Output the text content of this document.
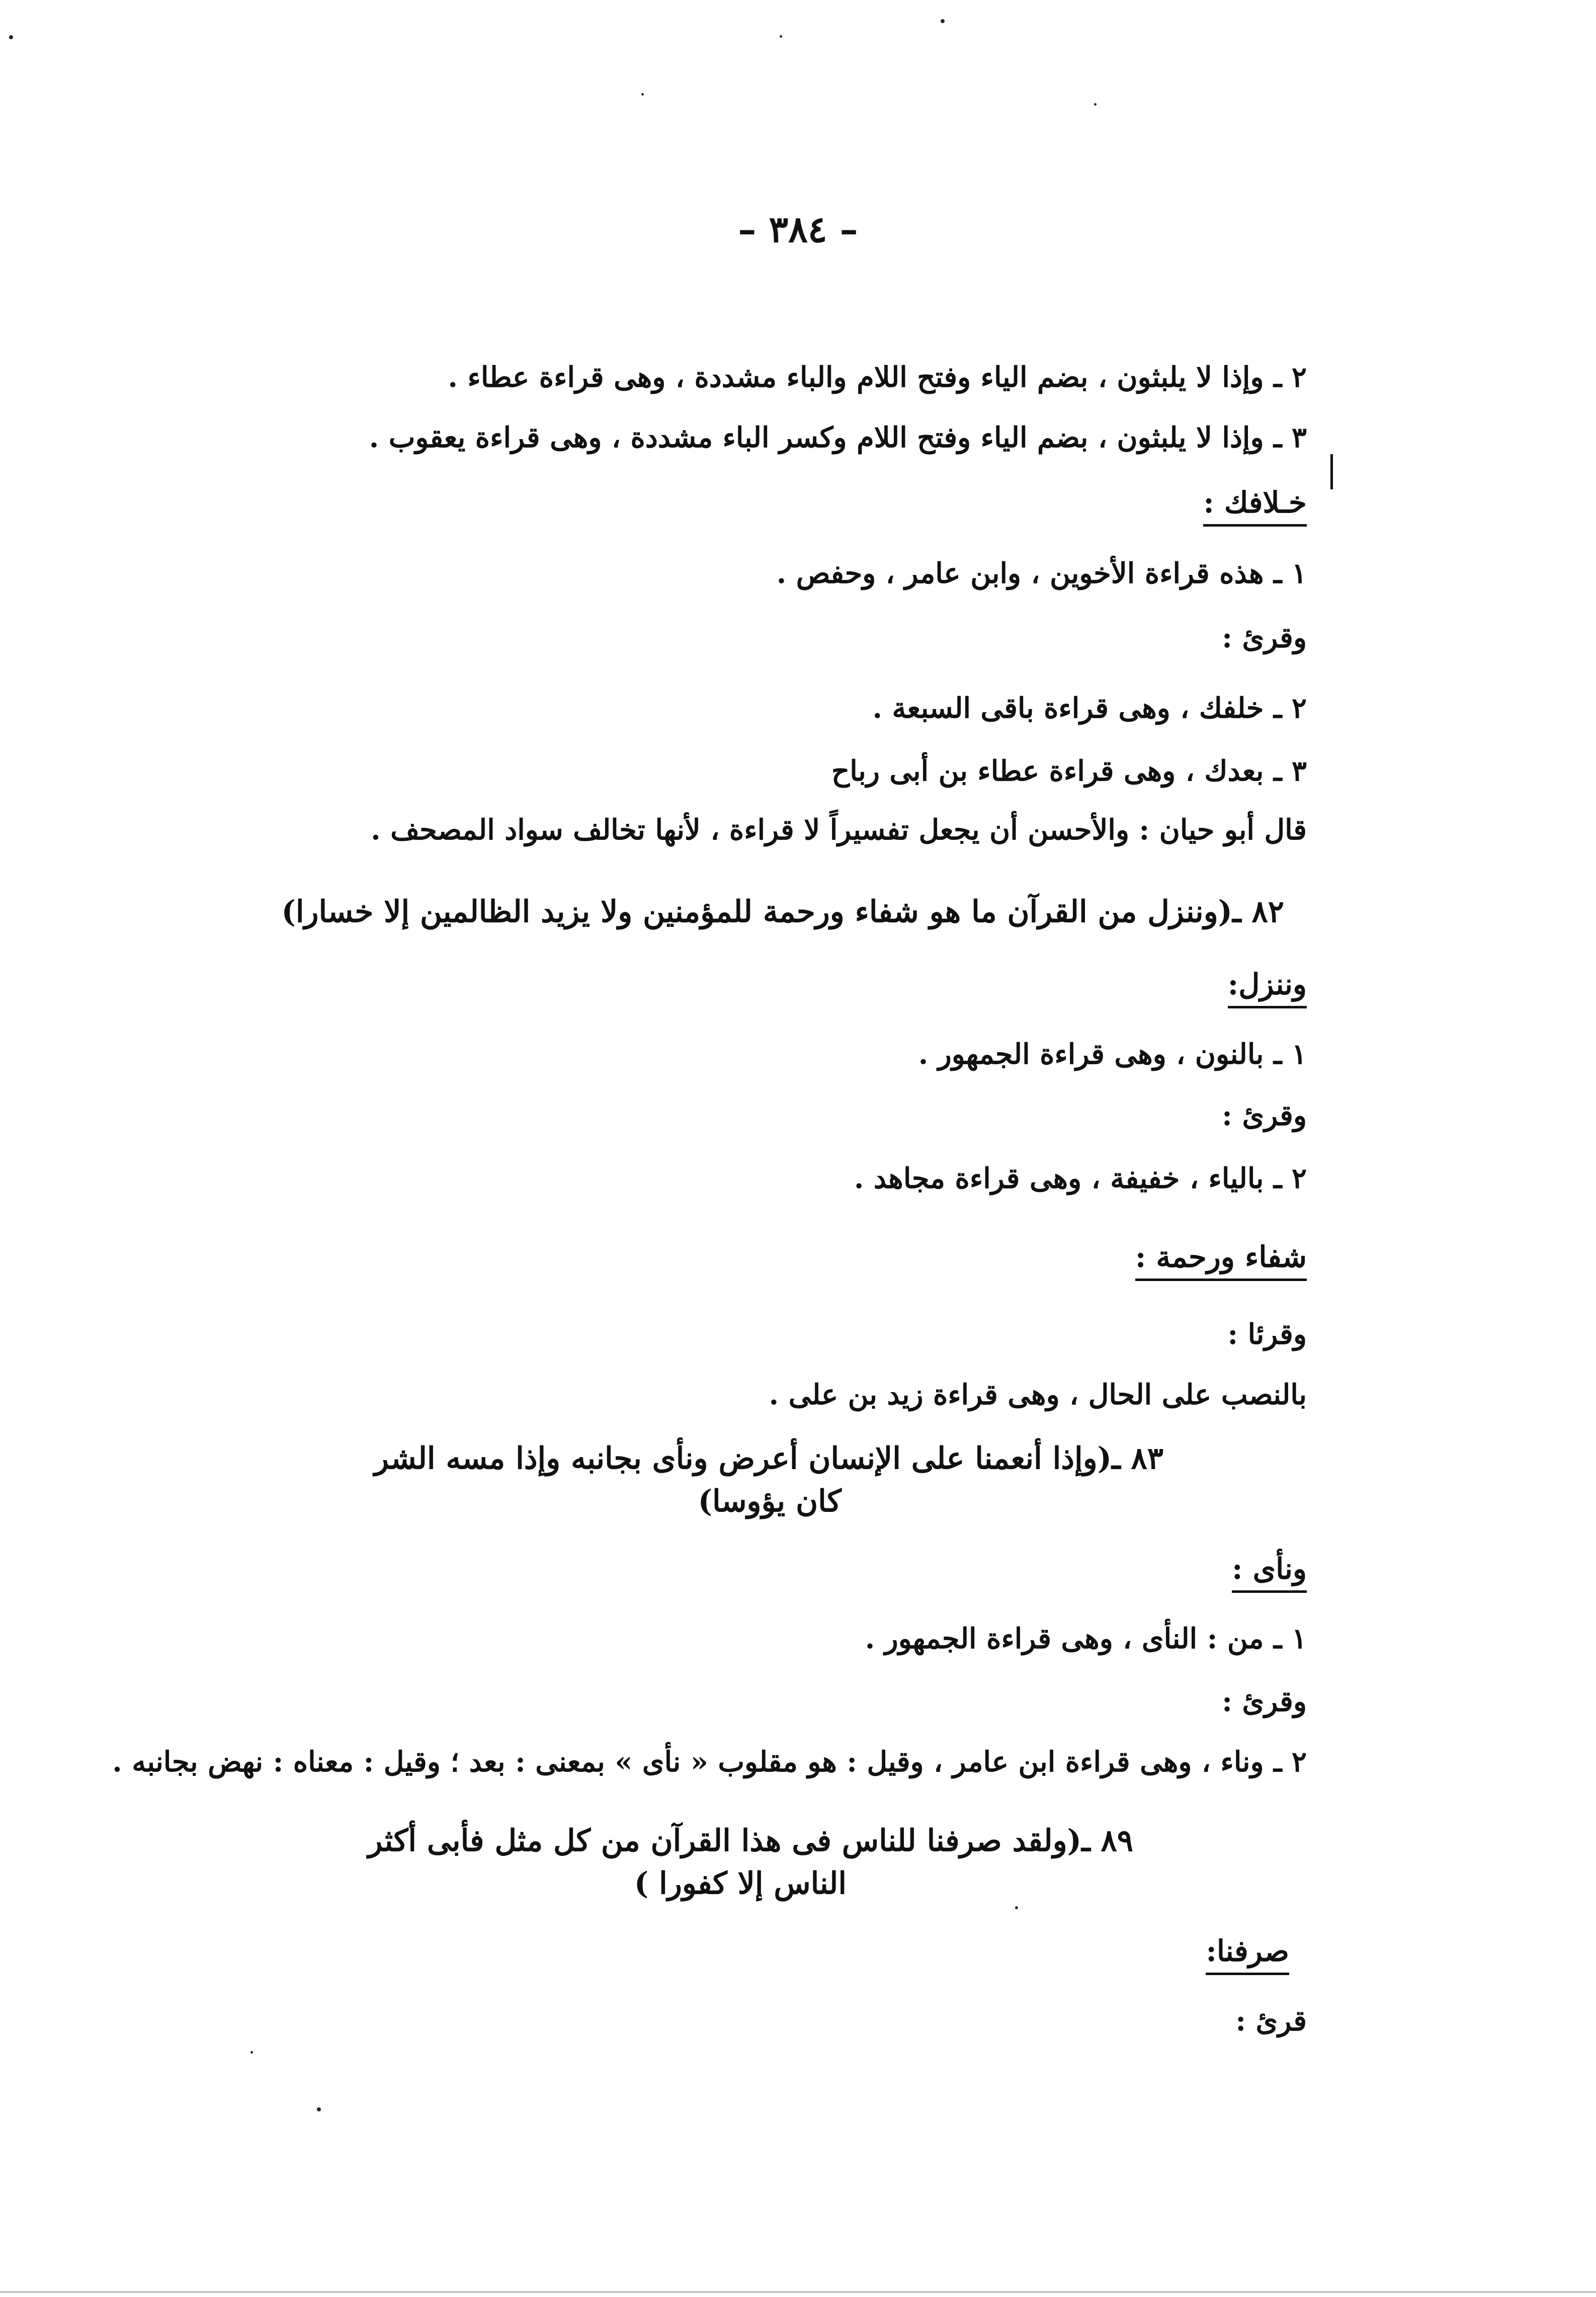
– ٣٨٤ –
٢ ـ وإذا لا يلبثون ، بضم الياء وفتح اللام والباء مشددة ، وهى قراءة عطاء .
٣ ـ وإذا لا يلبثون ، بضم الياء وفتح اللام وكسر الباء مشددة ، وهى قراءة يعقوب .
خـلافك :
١ ـ هذه قراءة الأخوين ، وابن عامر ، وحفص .
وقرئ :
٢ ـ خلفك ، وهى قراءة باقى السبعة .
٣ ـ بعدك ، وهى قراءة عطاء بن أبى رباح
قال أبو حيان : والأحسن أن يجعل تفسيراً لا قراءة ، لأنها تخالف سواد المصحف .
٨٢ ـ(وننزل من القرآن ما هو شفاء ورحمة للمؤمنين ولا يزيد الظالمين إلا خسارا)
وننزل:
١ ـ بالنون ، وهى قراءة الجمهور .
وقرئ :
٢ ـ بالياء ، خفيفة ، وهى قراءة مجاهد .
شفاء ورحمة :
وقرئا :
بالنصب على الحال ، وهى قراءة زيد بن على .
٨٣ ـ(وإذا أنعمنا على الإنسان أعرض ونأى بجانبه وإذا مسه الشر
كان يؤوسا)
ونأى :
١ ـ من : النأى ، وهى قراءة الجمهور .
وقرئ :
٢ ـ وناء ، وهى قراءة ابن عامر ، وقيل : هو مقلوب « نأى » بمعنى : بعد ؛ وقيل : معناه : نهض بجانبه .
٨٩ ـ(ولقد صرفنا للناس فى هذا القرآن من كل مثل فأبى أكثر
الناس إلا كفورا )
صرفنا:
قرئ :
